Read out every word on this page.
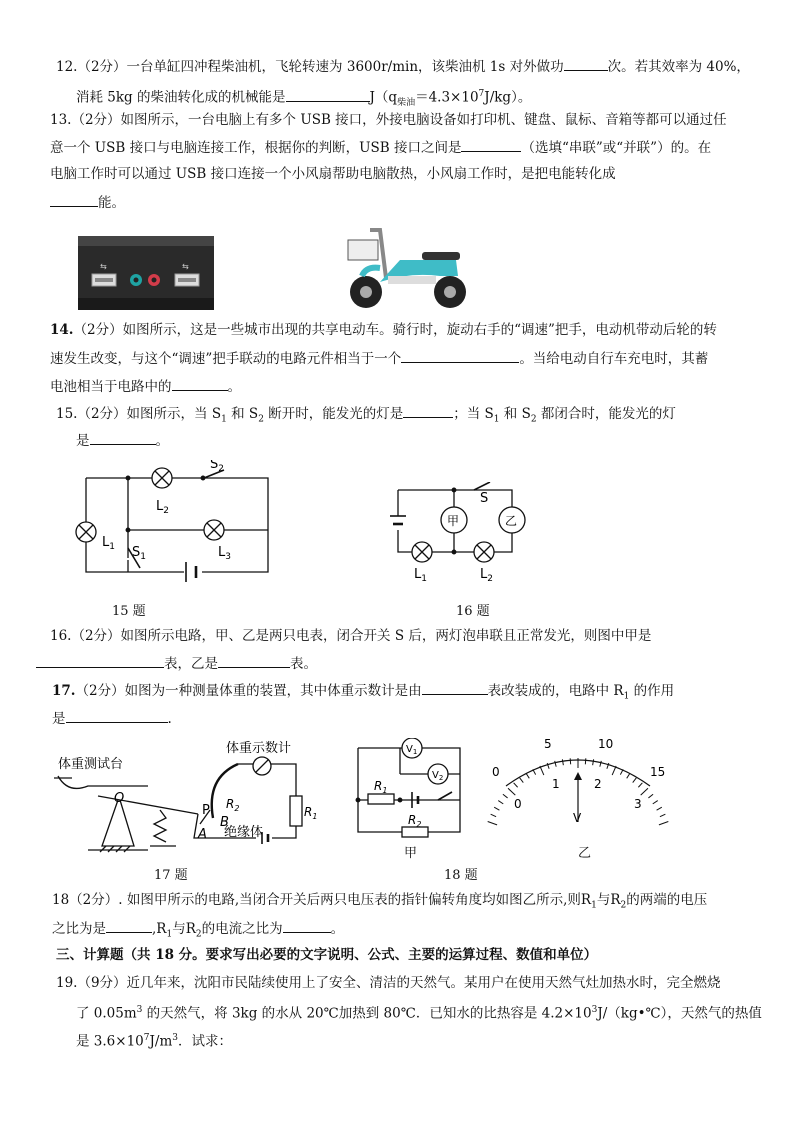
12.（2分）一台单缸四冲程柴油机，飞轮转速为 3600r/min，该柴油机 1s 对外做功	次。若其效率为 40%，
消耗 5kg 的柴油转化成的机械能是	$J(q_{柴油}=4.3\times 10^7J/kg)$。
13.（2分）如图所示，一台电脑上有多个 USB 接口，外接电脑设备如打印机、键盘、鼠标、音箱等都可以通过任
意一个 USB 接口与电脑连接工作，根据你的判断，USB 接口之间是	（选填“串联”或“并联”）的。在
电脑工作时可以通过 USB 接口连接一个小风扇帮助电脑散热，小风扇工作时，是把电能转化成
能。
⇆	⇆
14.（2分）如图所示，这是一些城市出现的共享电动车。骑行时，旋动右手的“调速”把手，电动机带动后轮的转
速发生改变，与这个“调速”把手联动的电路元件相当于一个	。当给电动自行车充电时，其蓄
电池相当于电路中的	。
15.（2分）如图所示，当 $S_1$ 和 $S_2$ 断开时，能发光的灯是	；当 $S_1$ 和 $S_2$ 都闭合时，能发光的灯
是	。
$L_2$
$L_1$	$L_3$
$S_1$
$S_2$
15 题
S
甲	乙
$L_1$	$L_2$
16 题
16.（2分）如图所示电路，甲、乙是两只电表，闭合开关 S 后，两灯泡串联且正常发光，则图中甲是
表，乙是	表。
17.（2分）如图为一种测量体重的装置，其中体重示数计是由	表改装成的，电路中 $R_1$ 的作用
是	.
体重测试台
体重示数计
O
P
B
A
$R_2$	$R_1$
绝缘体
17 题
$V_1$
$V_2$
$R_1$
$R_2$
甲
0
5	10
15
0
1	2
3
V
乙
18 题
18（2分）. 如图甲所示的电路,当闭合开关后两只电压表的指针偏转角度均如图乙所示,则$R_1$与$R_2$的两端的电压
之比为是	$,R_1$与$R_2$的电流之比为	。
三、计算题（共 18 分。要求写出必要的文字说明、公式、主要的运算过程、数值和单位）
19.（9分）近几年来，沈阳市民陆续使用上了安全、清洁的天然气。某用户在使用天然气灶加热水时，完全燃烧
了 $0.05m^3$ 的天然气，将 3kg 的水从 20℃加热到 80℃．已知水的比热容是 $4.2\times 10^3J/(kg•℃)$，天然气的热值
是 $3.6\times 10^7J/m^3$．试求：
